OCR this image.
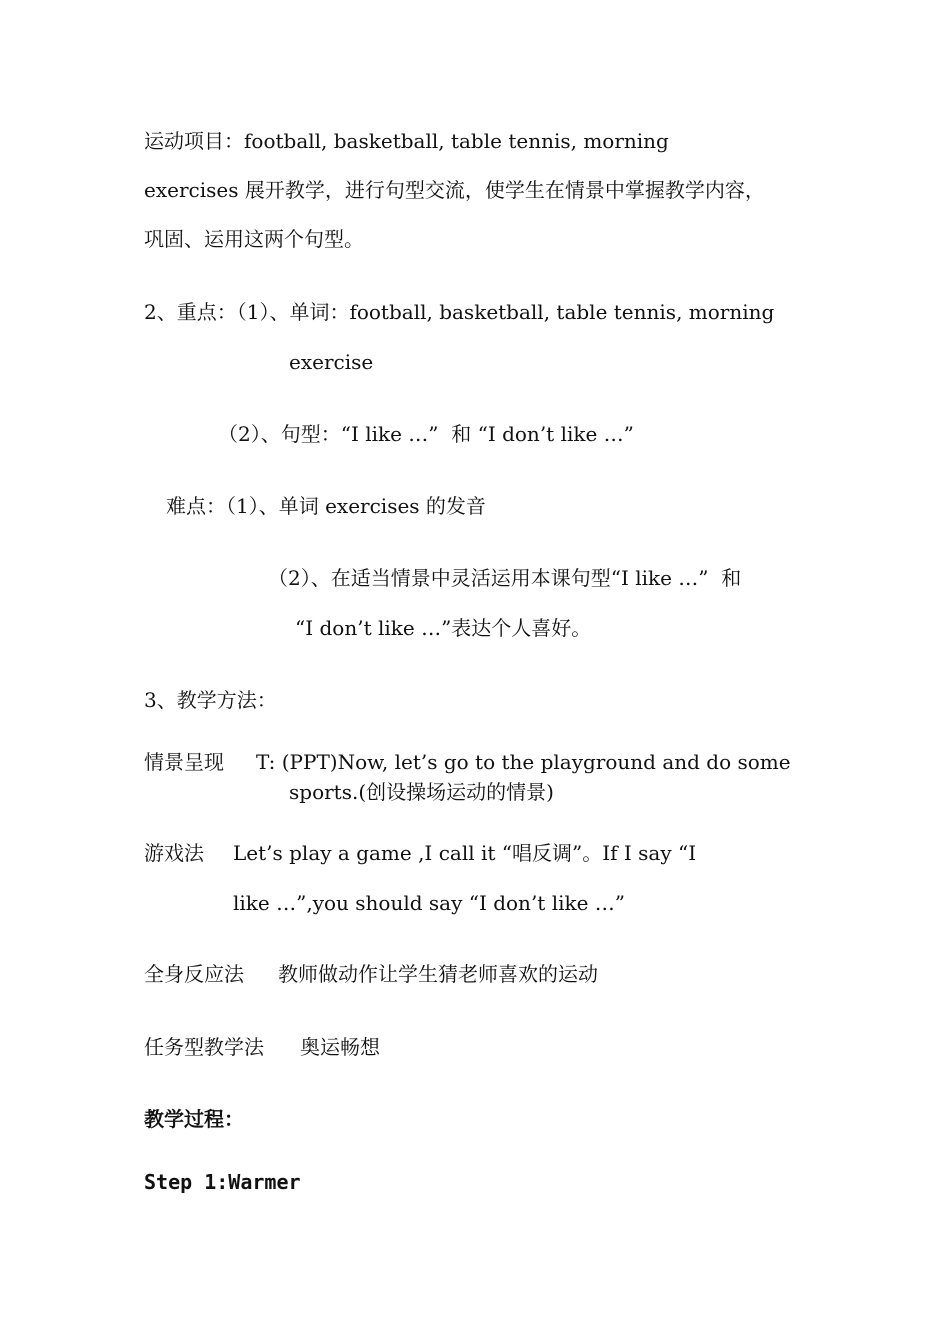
运动项目：football, basketball, table tennis, morning
exercises 展开教学，进行句型交流，使学生在情景中掌握教学内容，
巩固、运用这两个句型。
2、重点：（1）、单词：football, basketball, table tennis, morning
exercise
（2）、句型：“I like …”  和 “I don’t like …”
难点：（1）、单词 exercises 的发音
（2）、在适当情景中灵活运用本课句型“I like …”  和
“I don’t like …”表达个人喜好。
3、教学方法：
情景呈现 T: (PPT)Now, let’s go to the playground and do some
sports.(创设操场运动的情景)
游戏法 Let’s play a game ,I call it “唱反调”。If I say “I
like …”,you should say “I don’t like …”
全身反应法 教师做动作让学生猜老师喜欢的运动
任务型教学法 奥运畅想
教学过程：
Step 1:Warmer
